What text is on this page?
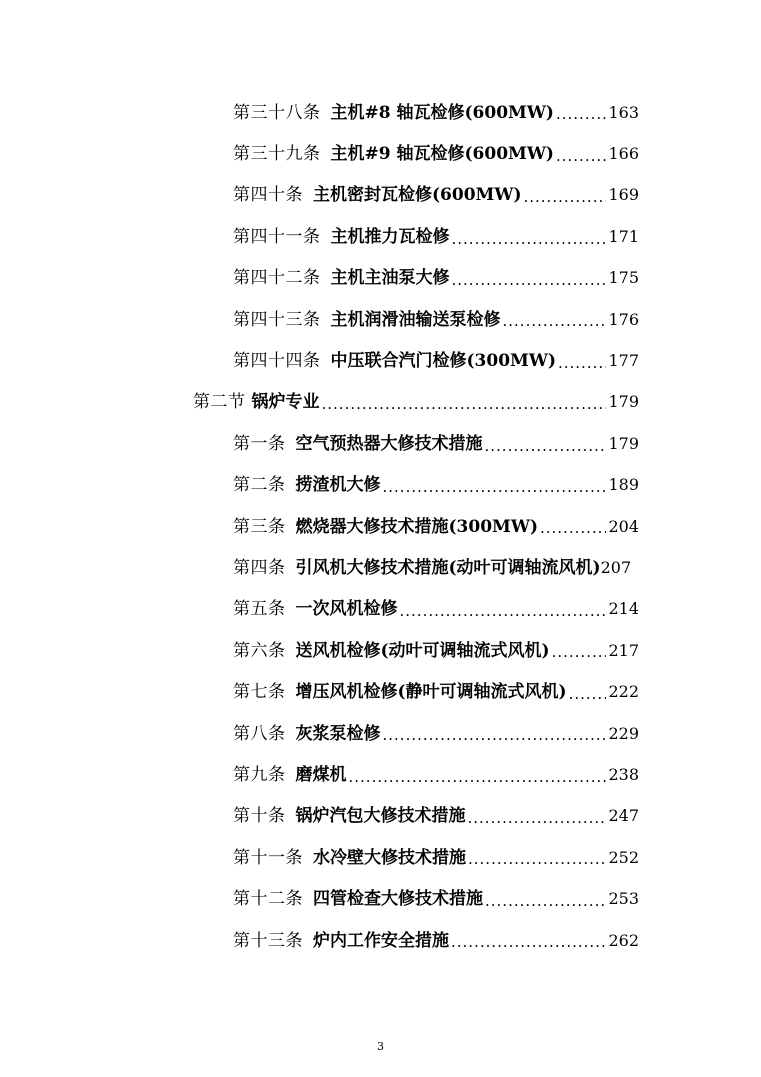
第三十八条 主机#8 轴瓦检修(600MW) .....	163
第三十九条 主机#9 轴瓦检修(600MW) .....	166
第四十条 主机密封瓦检修(600MW) .....	169
第四十一条 主机推力瓦检修 .....	171
第四十二条 主机主油泵大修 .....	175
第四十三条 主机润滑油输送泵检修 .....	176
第四十四条 中压联合汽门检修(300MW) .....	177
第二节 锅炉专业 .....	179
第一条 空气预热器大修技术措施 .....	179
第二条 捞渣机大修 .....	189
第三条 燃烧器大修技术措施(300MW) .....	204
第四条 引风机大修技术措施(动叶可调轴流风机) 207
第五条 一次风机检修 .....	214
第六条 送风机检修(动叶可调轴流式风机) .....	217
第七条 增压风机检修(静叶可调轴流式风机) .....	222
第八条 灰浆泵检修 .....	229
第九条 磨煤机 .....	238
第十条 锅炉汽包大修技术措施 .....	247
第十一条 水冷壁大修技术措施 .....	252
第十二条 四管检查大修技术措施 .....	253
第十三条 炉内工作安全措施 .....	262
3
